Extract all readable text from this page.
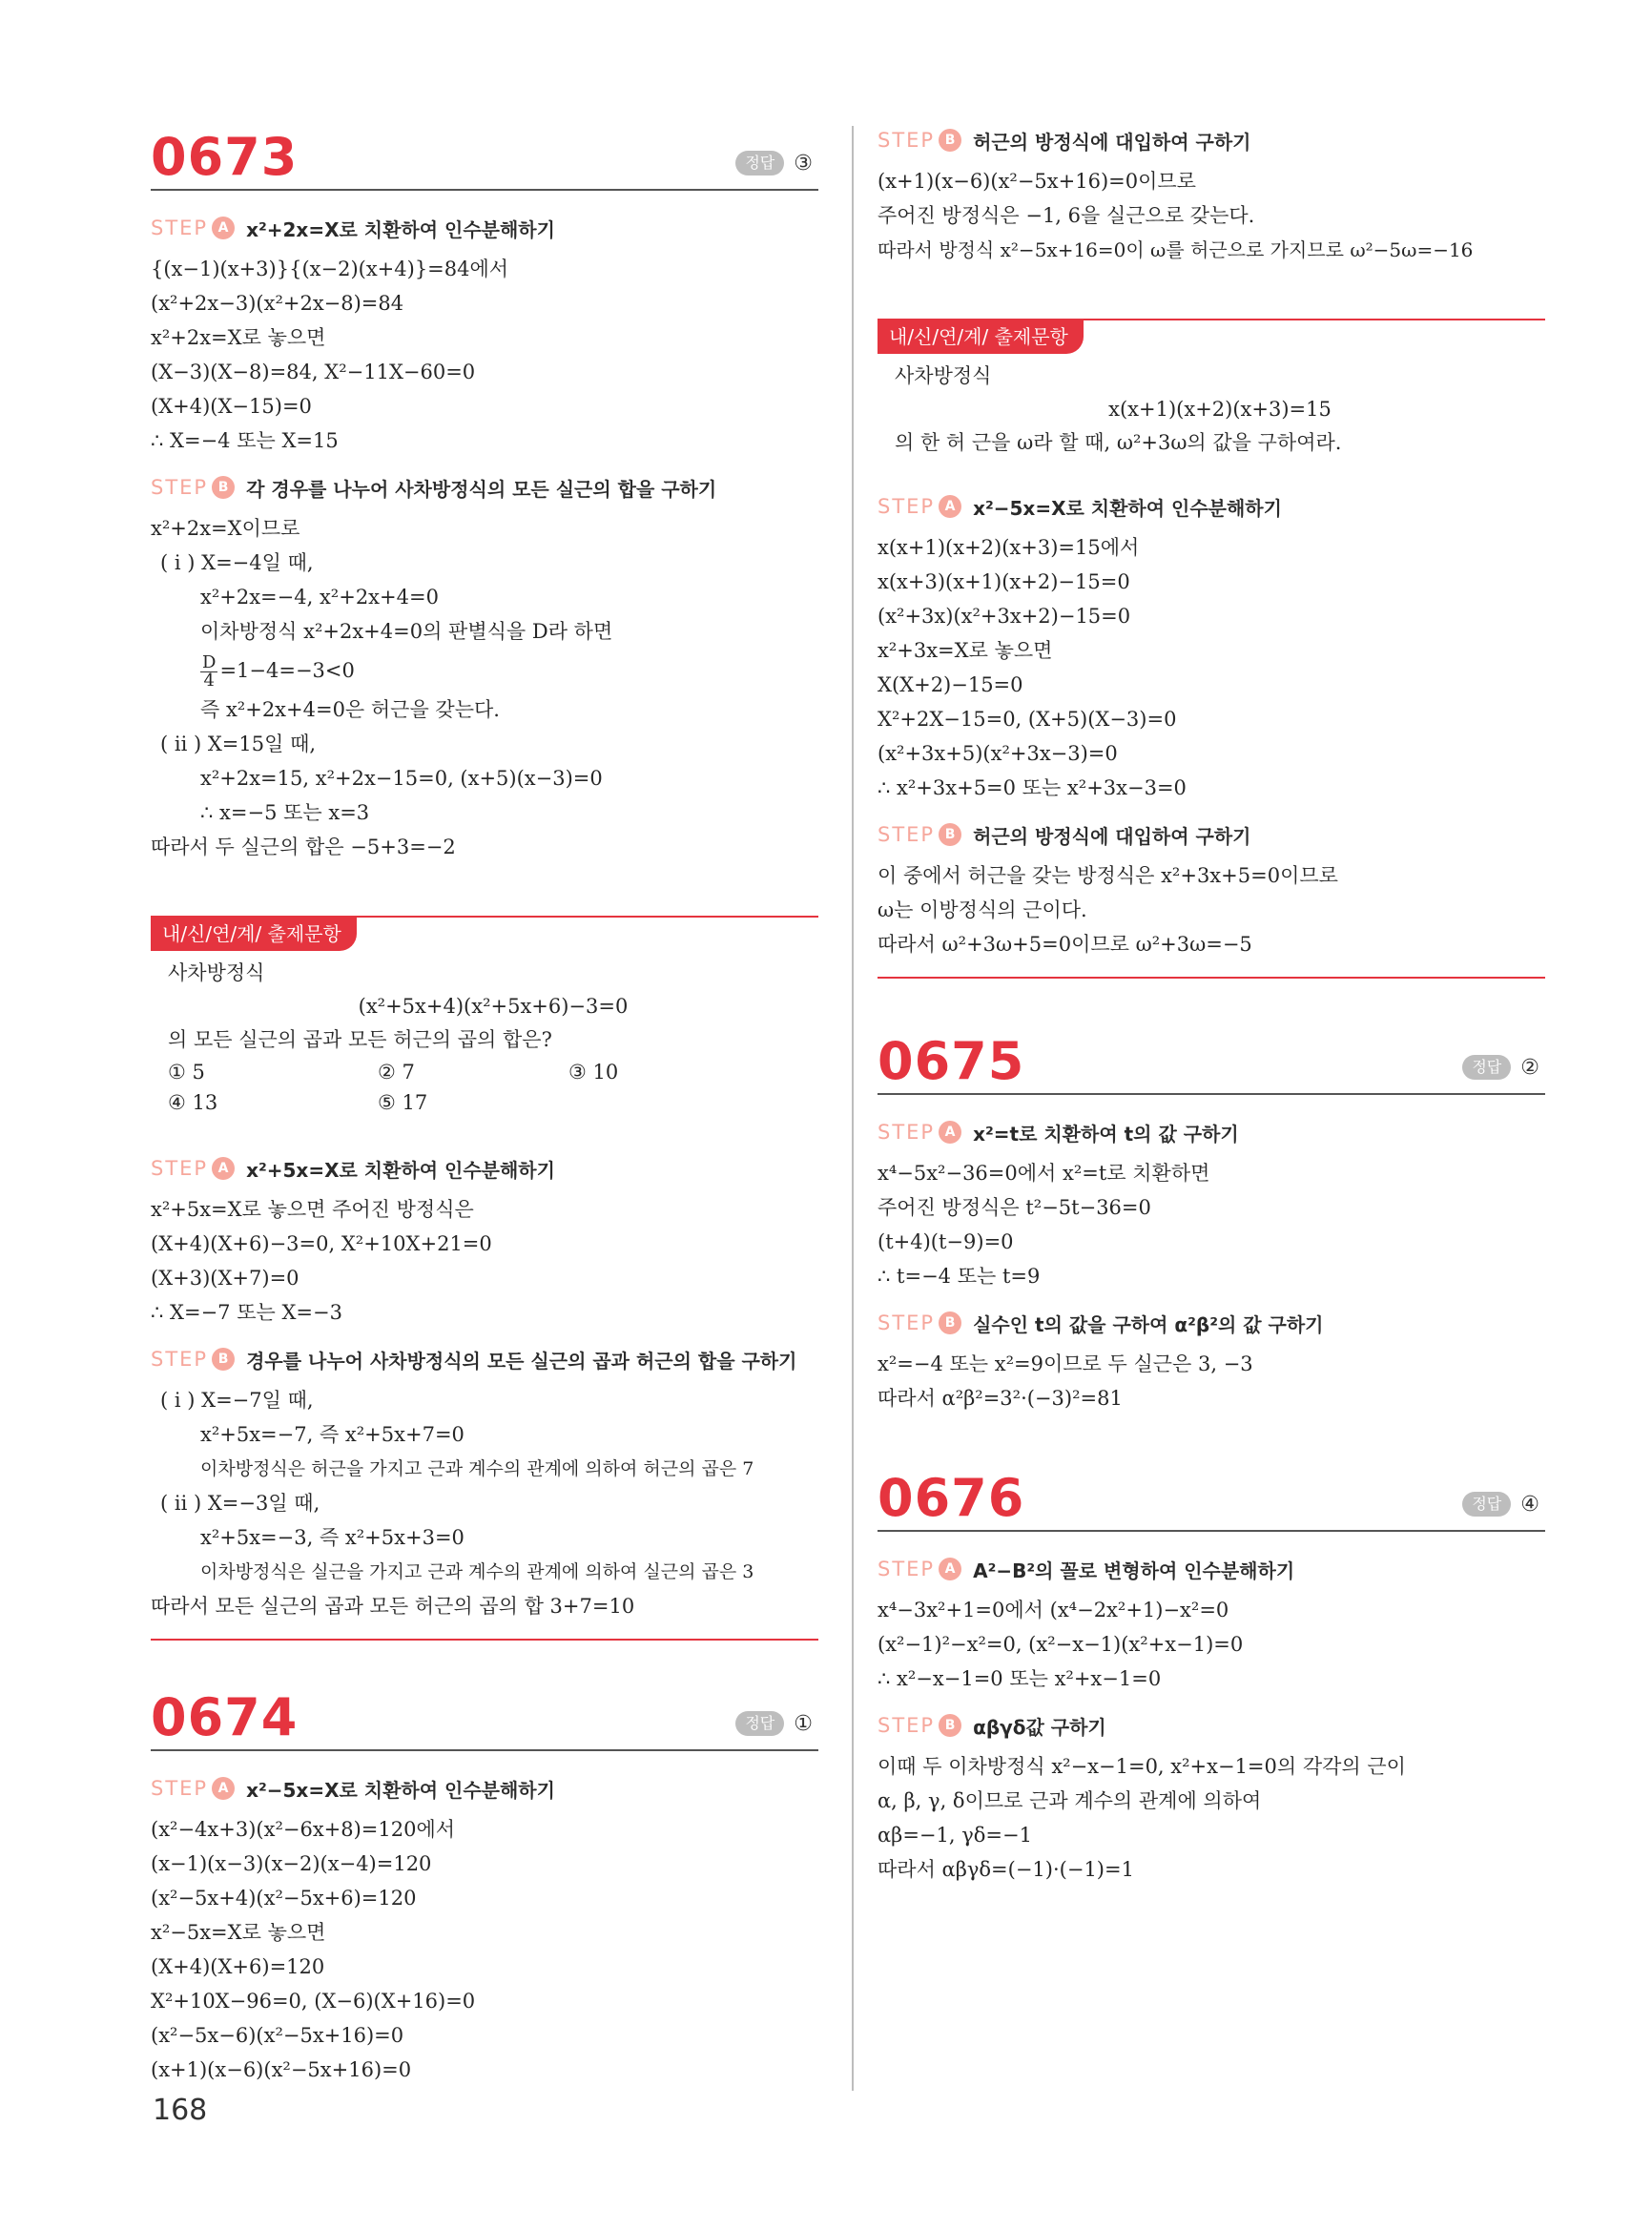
0673	정답 ③
STEP A x²+2x=X로 치환하여 인수분해하기
{(x−1)(x+3)}{(x−2)(x+4)}=84에서
(x²+2x−3)(x²+2x−8)=84
x²+2x=X로 놓으면
(X−3)(X−8)=84, X²−11X−60=0
(X+4)(X−15)=0
∴ X=−4 또는 X=15
STEP B 각 경우를 나누어 사차방정식의 모든 실근의 합을 구하기
x²+2x=X이므로
( i ) X=−4일 때,
x²+2x=−4, x²+2x+4=0
이차방정식 x²+2x+4=0의 판별식을 D라 하면
$\frac{D}{4} =1-4=-3<0$
즉 x²+2x+4=0은 허근을 갖는다.
( ii ) X=15일 때,
x²+2x=15, x²+2x−15=0, (x+5)(x−3)=0
∴ x=−5 또는 x=3
따라서 두 실근의 합은 −5+3=−2
내/신/연/계/ 출제문항
사차방정식
(x²+5x+4)(x²+5x+6)−3=0
의 모든 실근의 곱과 모든 허근의 곱의 합은?
① 5	② 7	③ 10
④ 13	⑤ 17
STEP A x²+5x=X로 치환하여 인수분해하기
x²+5x=X로 놓으면 주어진 방정식은
(X+4)(X+6)−3=0, X²+10X+21=0
(X+3)(X+7)=0
∴ X=−7 또는 X=−3
STEP B 경우를 나누어 사차방정식의 모든 실근의 곱과 허근의 합을 구하기
( i ) X=−7일 때,
x²+5x=−7, 즉 x²+5x+7=0
이차방정식은 허근을 가지고 근과 계수의 관계에 의하여 허근의 곱은 7
( ii ) X=−3일 때,
x²+5x=−3, 즉 x²+5x+3=0
이차방정식은 실근을 가지고 근과 계수의 관계에 의하여 실근의 곱은 3
따라서 모든 실근의 곱과 모든 허근의 곱의 합 3+7=10
0674	정답 ①
STEP A x²−5x=X로 치환하여 인수분해하기
(x²−4x+3)(x²−6x+8)=120에서
(x−1)(x−3)(x−2)(x−4)=120
(x²−5x+4)(x²−5x+6)=120
x²−5x=X로 놓으면
(X+4)(X+6)=120
X²+10X−96=0, (X−6)(X+16)=0
(x²−5x−6)(x²−5x+16)=0
(x+1)(x−6)(x²−5x+16)=0
STEP B 허근의 방정식에 대입하여 구하기
(x+1)(x−6)(x²−5x+16)=0이므로
주어진 방정식은 −1, 6을 실근으로 갖는다.
따라서 방정식 x²−5x+16=0이 ω를 허근으로 가지므로 ω²−5ω=−16
내/신/연/계/ 출제문항
사차방정식
x(x+1)(x+2)(x+3)=15
의 한 허 근을 ω라 할 때, ω²+3ω의 값을 구하여라.
STEP A x²−5x=X로 치환하여 인수분해하기
x(x+1)(x+2)(x+3)=15에서
x(x+3)(x+1)(x+2)−15=0
(x²+3x)(x²+3x+2)−15=0
x²+3x=X로 놓으면
X(X+2)−15=0
X²+2X−15=0, (X+5)(X−3)=0
(x²+3x+5)(x²+3x−3)=0
∴ x²+3x+5=0 또는 x²+3x−3=0
STEP B 허근의 방정식에 대입하여 구하기
이 중에서 허근을 갖는 방정식은 x²+3x+5=0이므로
ω는 이방정식의 근이다.
따라서 ω²+3ω+5=0이므로 ω²+3ω=−5
0675	정답 ②
STEP A x²=t로 치환하여 t의 값 구하기
x⁴−5x²−36=0에서 x²=t로 치환하면
주어진 방정식은 t²−5t−36=0
(t+4)(t−9)=0
∴ t=−4 또는 t=9
STEP B 실수인 t의 값을 구하여 α²β²의 값 구하기
x²=−4 또는 x²=9이므로 두 실근은 3, −3
따라서 α²β²=3²·(−3)²=81
0676	정답 ④
STEP A A²−B²의 꼴로 변형하여 인수분해하기
x⁴−3x²+1=0에서 (x⁴−2x²+1)−x²=0
(x²−1)²−x²=0, (x²−x−1)(x²+x−1)=0
∴ x²−x−1=0 또는 x²+x−1=0
STEP B αβγδ값 구하기
이때 두 이차방정식 x²−x−1=0, x²+x−1=0의 각각의 근이
α, β, γ, δ이므로 근과 계수의 관계에 의하여
αβ=−1, γδ=−1
따라서 αβγδ=(−1)·(−1)=1
168
